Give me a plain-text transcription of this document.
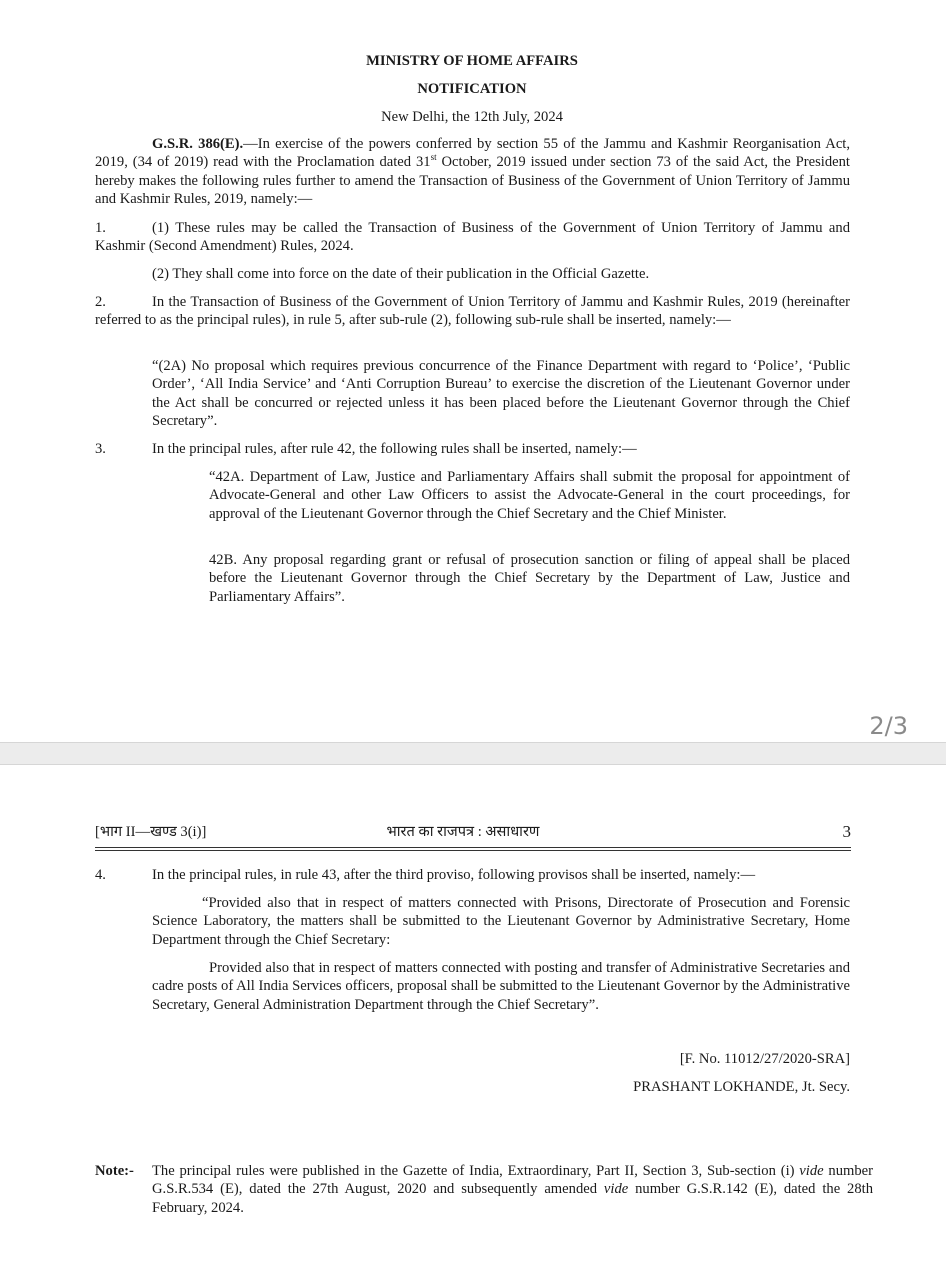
MINISTRY OF HOME AFFAIRS

NOTIFICATION

New Delhi, the 12th July, 2024

G.S.R. 386(E).—In exercise of the powers conferred by section 55 of the Jammu and Kashmir Reorganisation Act, 2019, (34 of 2019) read with the Proclamation dated 31st October, 2019 issued under section 73 of the said Act, the President hereby makes the following rules further to amend the Transaction of Business of the Government of Union Territory of Jammu and Kashmir Rules, 2019, namely:—

1.	(1) These rules may be called the Transaction of Business of the Government of Union Territory of Jammu and Kashmir (Second Amendment) Rules, 2024.

(2) They shall come into force on the date of their publication in the Official Gazette.

2.	In the Transaction of Business of the Government of Union Territory of Jammu and Kashmir Rules, 2019 (hereinafter referred to as the principal rules), in rule 5, after sub-rule (2), following sub-rule shall be inserted, namely:—

“(2A) No proposal which requires previous concurrence of the Finance Department with regard to ‘Police’, ‘Public Order’, ‘All India Service’ and ‘Anti Corruption Bureau’ to exercise the discretion of the Lieutenant Governor under the Act shall be concurred or rejected unless it has been placed before the Lieutenant Governor through the Chief Secretary”.

3.	In the principal rules, after rule 42, the following rules shall be inserted, namely:—

“42A. Department of Law, Justice and Parliamentary Affairs shall submit the proposal for appointment of Advocate-General and other Law Officers to assist the Advocate-General in the court proceedings, for approval of the Lieutenant Governor through the Chief Secretary and the Chief Minister.

42B. Any proposal regarding grant or refusal of prosecution sanction or filing of appeal shall be placed before the Lieutenant Governor through the Chief Secretary by the Department of Law, Justice and Parliamentary Affairs”.

2/3
[भाग II—खण्ड 3(i)]	भारत का राजपत्र : असाधारण	3
4.	In the principal rules, in rule 43, after the third proviso, following provisos shall be inserted, namely:—

“Provided also that in respect of matters connected with Prisons, Directorate of Prosecution and Forensic Science Laboratory, the matters shall be submitted to the Lieutenant Governor by Administrative Secretary, Home Department through the Chief Secretary:

Provided also that in respect of matters connected with posting and transfer of Administrative Secretaries and cadre posts of All India Services officers, proposal shall be submitted to the Lieutenant Governor by the Administrative Secretary, General Administration Department through the Chief Secretary”.

[F. No. 11012/27/2020-SRA]

PRASHANT LOKHANDE, Jt. Secy.

Note:- The principal rules were published in the Gazette of India, Extraordinary, Part II, Section 3, Sub-section (i) vide number G.S.R.534 (E), dated the 27th August, 2020 and subsequently amended vide number G.S.R.142 (E), dated the 28th February, 2024.
